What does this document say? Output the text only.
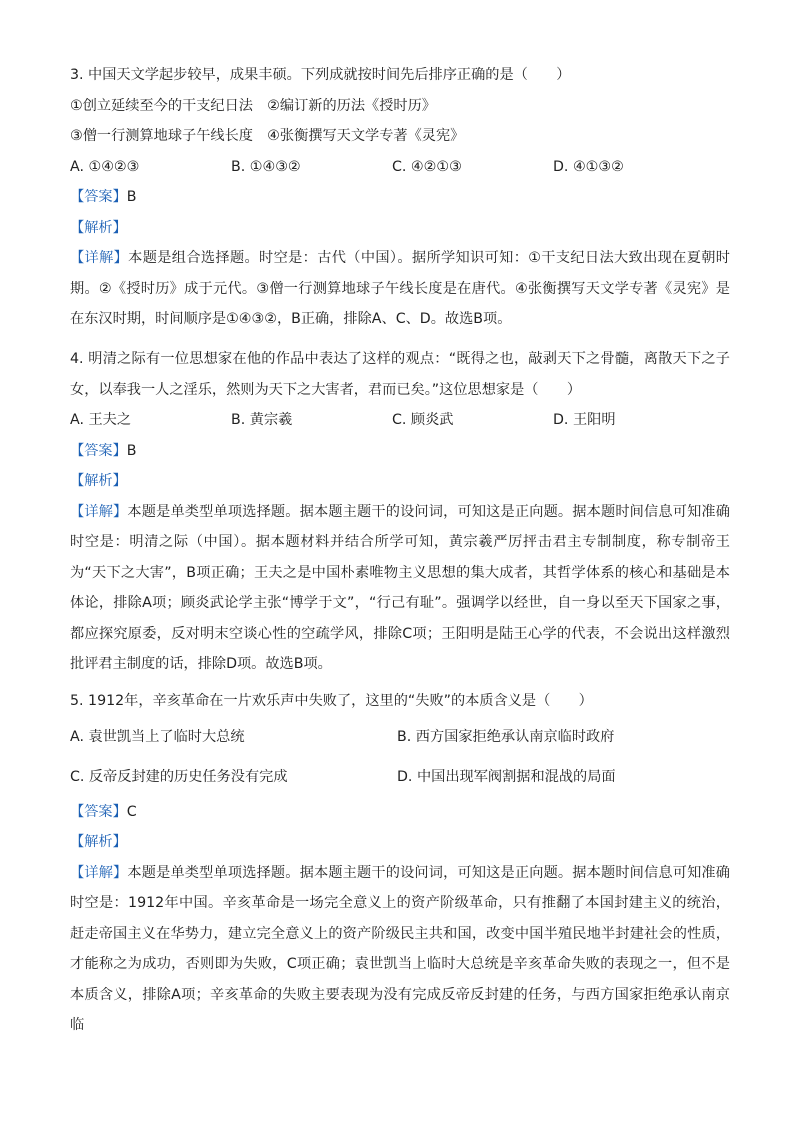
3. 中国天文学起步较早，成果丰硕。下列成就按时间先后排序正确的是（　　）
①创立延续至今的干支纪日法　②编订新的历法《授时历》
③僧一行测算地球子午线长度　④张衡撰写天文学专著《灵宪》
A. ①④②③	B. ①④③②	C. ④②①③	D. ④①③②
【答案】B
【解析】
【详解】本题是组合选择题。时空是：古代（中国）。据所学知识可知：①干支纪日法大致出现在夏朝时期。②《授时历》成于元代。③僧一行测算地球子午线长度是在唐代。④张衡撰写天文学专著《灵宪》是在东汉时期，时间顺序是①④③②，B正确，排除A、C、D。故选B项。
4. 明清之际有一位思想家在他的作品中表达了这样的观点：“既得之也，敲剥天下之骨髓，离散天下之子女，以奉我一人之淫乐，然则为天下之大害者，君而已矣。”这位思想家是（　　）
A. 王夫之	B. 黄宗羲	C. 顾炎武	D. 王阳明
【答案】B
【解析】
【详解】本题是单类型单项选择题。据本题主题干的设问词，可知这是正向题。据本题时间信息可知准确时空是：明清之际（中国）。据本题材料并结合所学可知，黄宗羲严厉抨击君主专制制度，称专制帝王为“天下之大害”，B项正确；王夫之是中国朴素唯物主义思想的集大成者，其哲学体系的核心和基础是本体论，排除A项；顾炎武论学主张“博学于文”，“行己有耻”。强调学以经世，自一身以至天下国家之事，都应探究原委，反对明末空谈心性的空疏学风，排除C项；王阳明是陆王心学的代表，不会说出这样激烈批评君主制度的话，排除D项。故选B项。
5. 1912年，辛亥革命在一片欢乐声中失败了，这里的“失败”的本质含义是（　　）
A. 袁世凯当上了临时大总统	B. 西方国家拒绝承认南京临时政府
C. 反帝反封建的历史任务没有完成	D. 中国出现军阀割据和混战的局面
【答案】C
【解析】
【详解】本题是单类型单项选择题。据本题主题干的设问词，可知这是正向题。据本题时间信息可知准确时空是：1912年中国。辛亥革命是一场完全意义上的资产阶级革命，只有推翻了本国封建主义的统治，赶走帝国主义在华势力，建立完全意义上的资产阶级民主共和国，改变中国半殖民地半封建社会的性质，才能称之为成功，否则即为失败，C项正确；袁世凯当上临时大总统是辛亥革命失败的表现之一，但不是本质含义，排除A项；辛亥革命的失败主要表现为没有完成反帝反封建的任务，与西方国家拒绝承认南京临
